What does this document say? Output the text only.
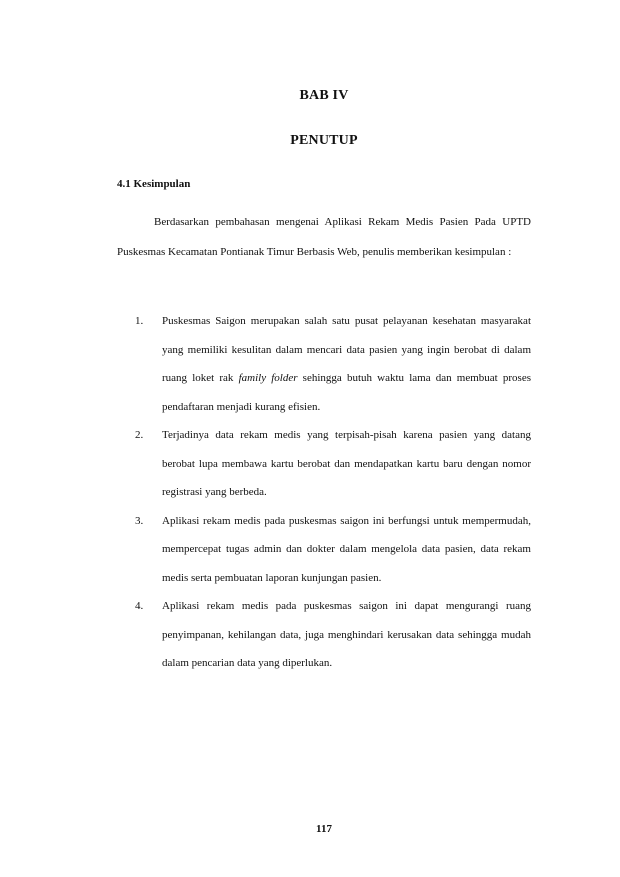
BAB IV
PENUTUP
4.1 Kesimpulan

Berdasarkan pembahasan mengenai Aplikasi Rekam Medis Pasien Pada UPTD Puskesmas Kecamatan Pontianak Timur Berbasis Web, penulis memberikan kesimpulan :

1. Puskesmas Saigon merupakan salah satu pusat pelayanan kesehatan masyarakat yang memiliki kesulitan dalam mencari data pasien yang ingin berobat di dalam ruang loket rak family folder sehingga butuh waktu lama dan membuat proses pendaftaran menjadi kurang efisien.
2. Terjadinya data rekam medis yang terpisah-pisah karena pasien yang datang berobat lupa membawa kartu berobat dan mendapatkan kartu baru dengan nomor registrasi yang berbeda.
3. Aplikasi rekam medis pada puskesmas saigon ini berfungsi untuk mempermudah, mempercepat tugas admin dan dokter dalam mengelola data pasien, data rekam medis serta pembuatan laporan kunjungan pasien.
4. Aplikasi rekam medis pada puskesmas saigon ini dapat mengurangi ruang penyimpanan, kehilangan data, juga menghindari kerusakan data sehingga mudah dalam pencarian data yang diperlukan.
117
